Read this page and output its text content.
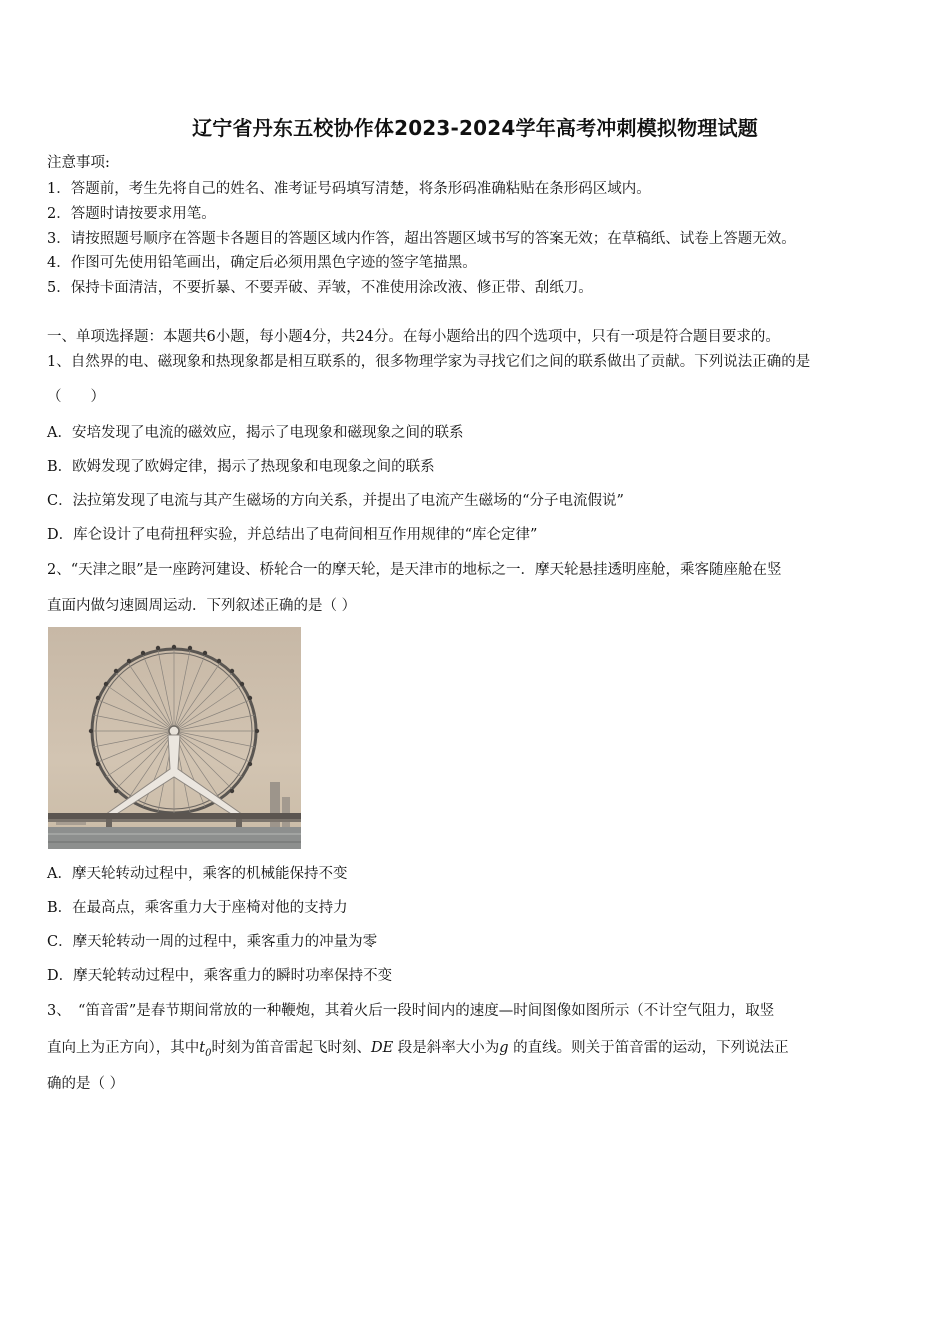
辽宁省丹东五校协作体2023-2024学年高考冲刺模拟物理试题
注意事项:
1．答题前，考生先将自己的姓名、准考证号码填写清楚，将条形码准确粘贴在条形码区域内。
2．答题时请按要求用笔。
3．请按照题号顺序在答题卡各题目的答题区域内作答，超出答题区域书写的答案无效；在草稿纸、试卷上答题无效。
4．作图可先使用铅笔画出，确定后必须用黑色字迹的签字笔描黑。
5．保持卡面清洁，不要折暴、不要弄破、弄皱，不准使用涂改液、修正带、刮纸刀。
一、单项选择题：本题共6小题，每小题4分，共24分。在每小题给出的四个选项中，只有一项是符合题目要求的。
1、自然界的电、磁现象和热现象都是相互联系的，很多物理学家为寻找它们之间的联系做出了贡献。下列说法正确的是
（　　）
A．安培发现了电流的磁效应，揭示了电现象和磁现象之间的联系
B．欧姆发现了欧姆定律，揭示了热现象和电现象之间的联系
C．法拉第发现了电流与其产生磁场的方向关系，并提出了电流产生磁场的“分子电流假说”
D．库仑设计了电荷扭秤实验，并总结出了电荷间相互作用规律的“库仑定律”
2、“天津之眼”是一座跨河建设、桥轮合一的摩天轮，是天津市的地标之一．摩天轮悬挂透明座舱，乘客随座舱在竖
直面内做匀速圆周运动．下列叙述正确的是（ ）
A．摩天轮转动过程中，乘客的机械能保持不变
B．在最高点，乘客重力大于座椅对他的支持力
C．摩天轮转动一周的过程中，乘客重力的冲量为零
D．摩天轮转动过程中，乘客重力的瞬时功率保持不变
3、　“笛音雷”是春节期间常放的一种鞭炮，其着火后一段时间内的速度—时间图像如图所示（不计空气阻力，取竖
直向上为正方向），其中$t_0$时刻为笛音雷起飞时刻、DE 段是斜率大小为g 的直线。则关于笛音雷的运动，下列说法正
确的是（ ）
